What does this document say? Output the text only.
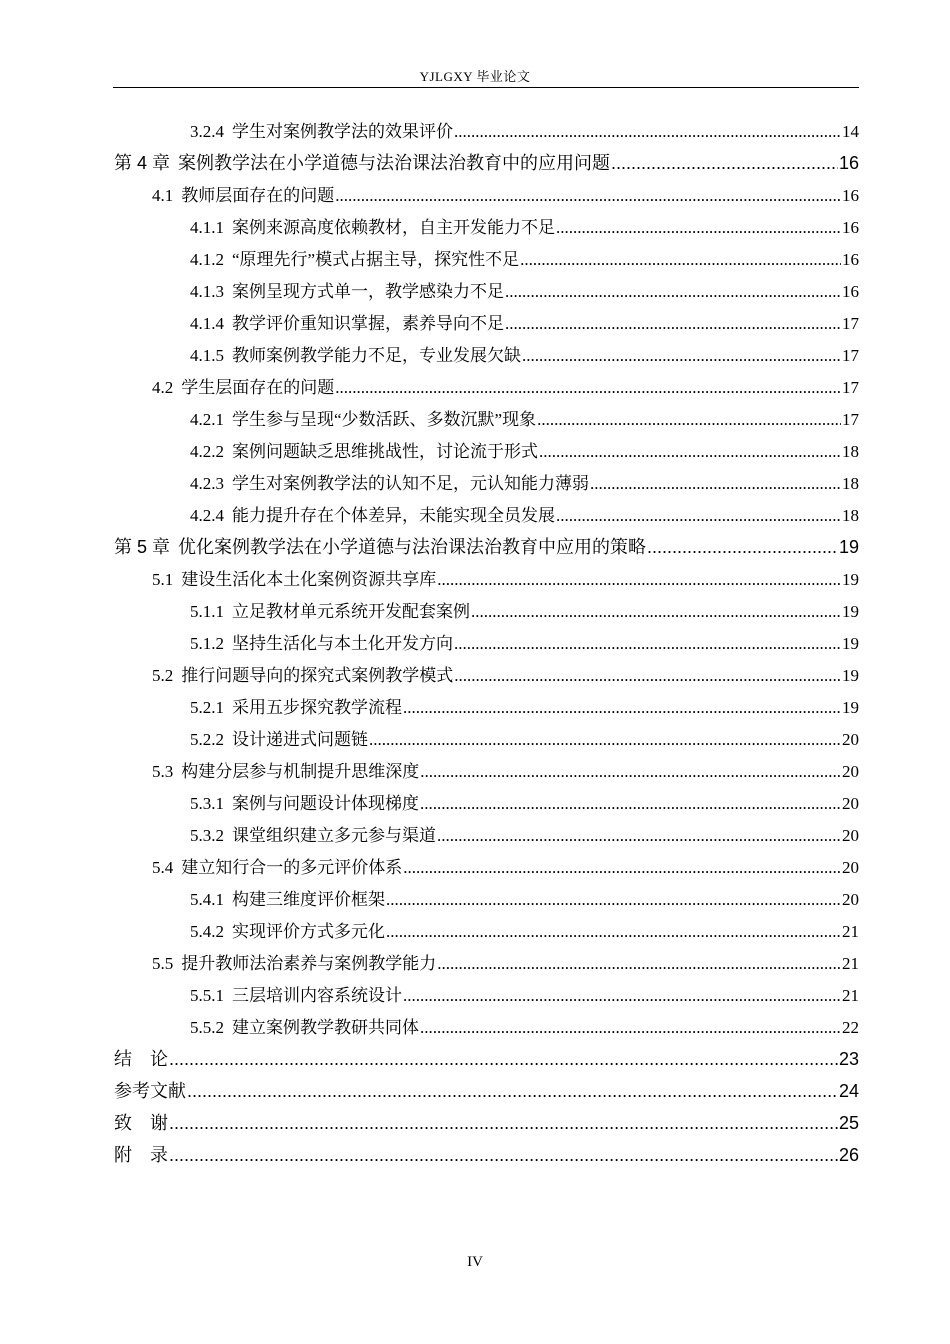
YJLGXY 毕业论文
3.2.4 学生对案例教学法的效果评价 .....	14
第 4 章 案例教学法在小学道德与法治课法治教育中的应用问题 .....	16
4.1 教师层面存在的问题 .....	16
4.1.1 案例来源高度依赖教材，自主开发能力不足 .....	16
4.1.2 “原理先行”模式占据主导，探究性不足 .....	16
4.1.3 案例呈现方式单一，教学感染力不足 .....	16
4.1.4 教学评价重知识掌握，素养导向不足 .....	17
4.1.5 教师案例教学能力不足，专业发展欠缺 .....	17
4.2 学生层面存在的问题 .....	17
4.2.1 学生参与呈现“少数活跃、多数沉默”现象 .....	17
4.2.2 案例问题缺乏思维挑战性，讨论流于形式 .....	18
4.2.3 学生对案例教学法的认知不足，元认知能力薄弱 .....	18
4.2.4 能力提升存在个体差异，未能实现全员发展 .....	18
第 5 章 优化案例教学法在小学道德与法治课法治教育中应用的策略 .....	19
5.1 建设生活化本土化案例资源共享库 .....	19
5.1.1 立足教材单元系统开发配套案例 .....	19
5.1.2 坚持生活化与本土化开发方向 .....	19
5.2 推行问题导向的探究式案例教学模式 .....	19
5.2.1 采用五步探究教学流程 .....	19
5.2.2 设计递进式问题链 .....	20
5.3 构建分层参与机制提升思维深度 .....	20
5.3.1 案例与问题设计体现梯度 .....	20
5.3.2 课堂组织建立多元参与渠道 .....	20
5.4 建立知行合一的多元评价体系 .....	20
5.4.1 构建三维度评价框架 .....	20
5.4.2 实现评价方式多元化 .....	21
5.5 提升教师法治素养与案例教学能力 .....	21
5.5.1 三层培训内容系统设计 .....	21
5.5.2 建立案例教学教研共同体 .....	22
结　论 .....	23
参考文献 .....	24
致　谢 .....	25
附　录 .....	26
IV
